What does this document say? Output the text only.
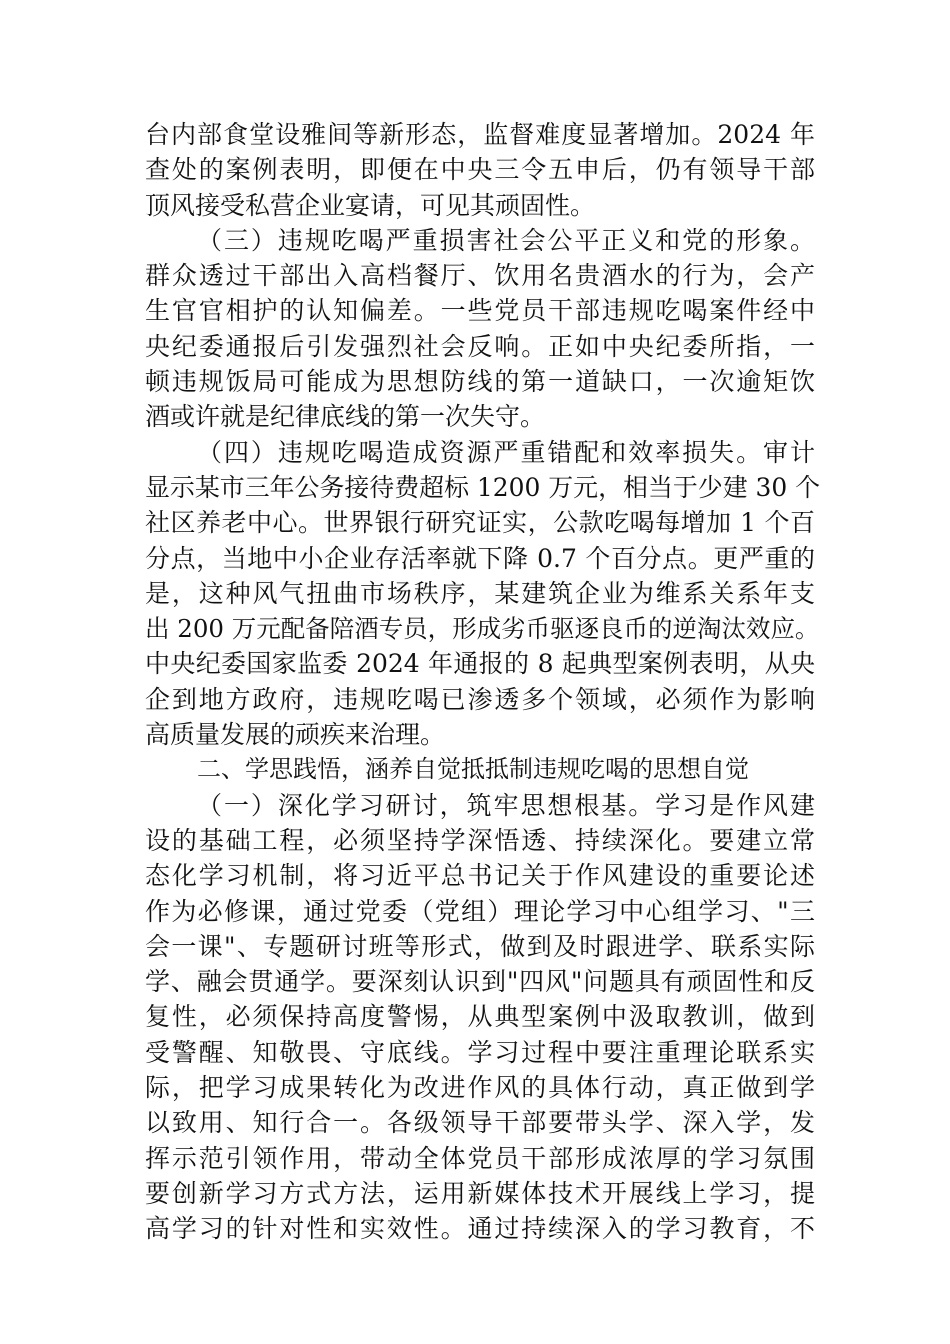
台内部食堂设雅间等新形态，监督难度显著增加。2024 年
查处的案例表明，即便在中央三令五申后，仍有领导干部
顶风接受私营企业宴请，可见其顽固性。
（三）违规吃喝严重损害社会公平正义和党的形象。
群众透过干部出入高档餐厅、饮用名贵酒水的行为，会产
生官官相护的认知偏差。一些党员干部违规吃喝案件经中
央纪委通报后引发强烈社会反响。正如中央纪委所指，一
顿违规饭局可能成为思想防线的第一道缺口，一次逾矩饮
酒或许就是纪律底线的第一次失守。
（四）违规吃喝造成资源严重错配和效率损失。审计
显示某市三年公务接待费超标 1200 万元，相当于少建 30 个
社区养老中心。世界银行研究证实，公款吃喝每增加 1 个百
分点，当地中小企业存活率就下降 0.7 个百分点。更严重的
是，这种风气扭曲市场秩序，某建筑企业为维系关系年支
出 200 万元配备陪酒专员，形成劣币驱逐良币的逆淘汰效应。
中央纪委国家监委 2024 年通报的 8 起典型案例表明，从央
企到地方政府，违规吃喝已渗透多个领域，必须作为影响
高质量发展的顽疾来治理。
二、学思践悟，涵养自觉抵抵制违规吃喝的思想自觉
（一）深化学习研讨，筑牢思想根基。学习是作风建
设的基础工程，必须坚持学深悟透、持续深化。要建立常
态化学习机制，将习近平总书记关于作风建设的重要论述
作为必修课，通过党委（党组）理论学习中心组学习、"三
会一课"、专题研讨班等形式，做到及时跟进学、联系实际
学、融会贯通学。要深刻认识到"四风"问题具有顽固性和反
复性，必须保持高度警惕，从典型案例中汲取教训，做到
受警醒、知敬畏、守底线。学习过程中要注重理论联系实
际，把学习成果转化为改进作风的具体行动，真正做到学
以致用、知行合一。各级领导干部要带头学、深入学，发
挥示范引领作用，带动全体党员干部形成浓厚的学习氛围
要创新学习方式方法，运用新媒体技术开展线上学习，提
高学习的针对性和实效性。通过持续深入的学习教育，不
